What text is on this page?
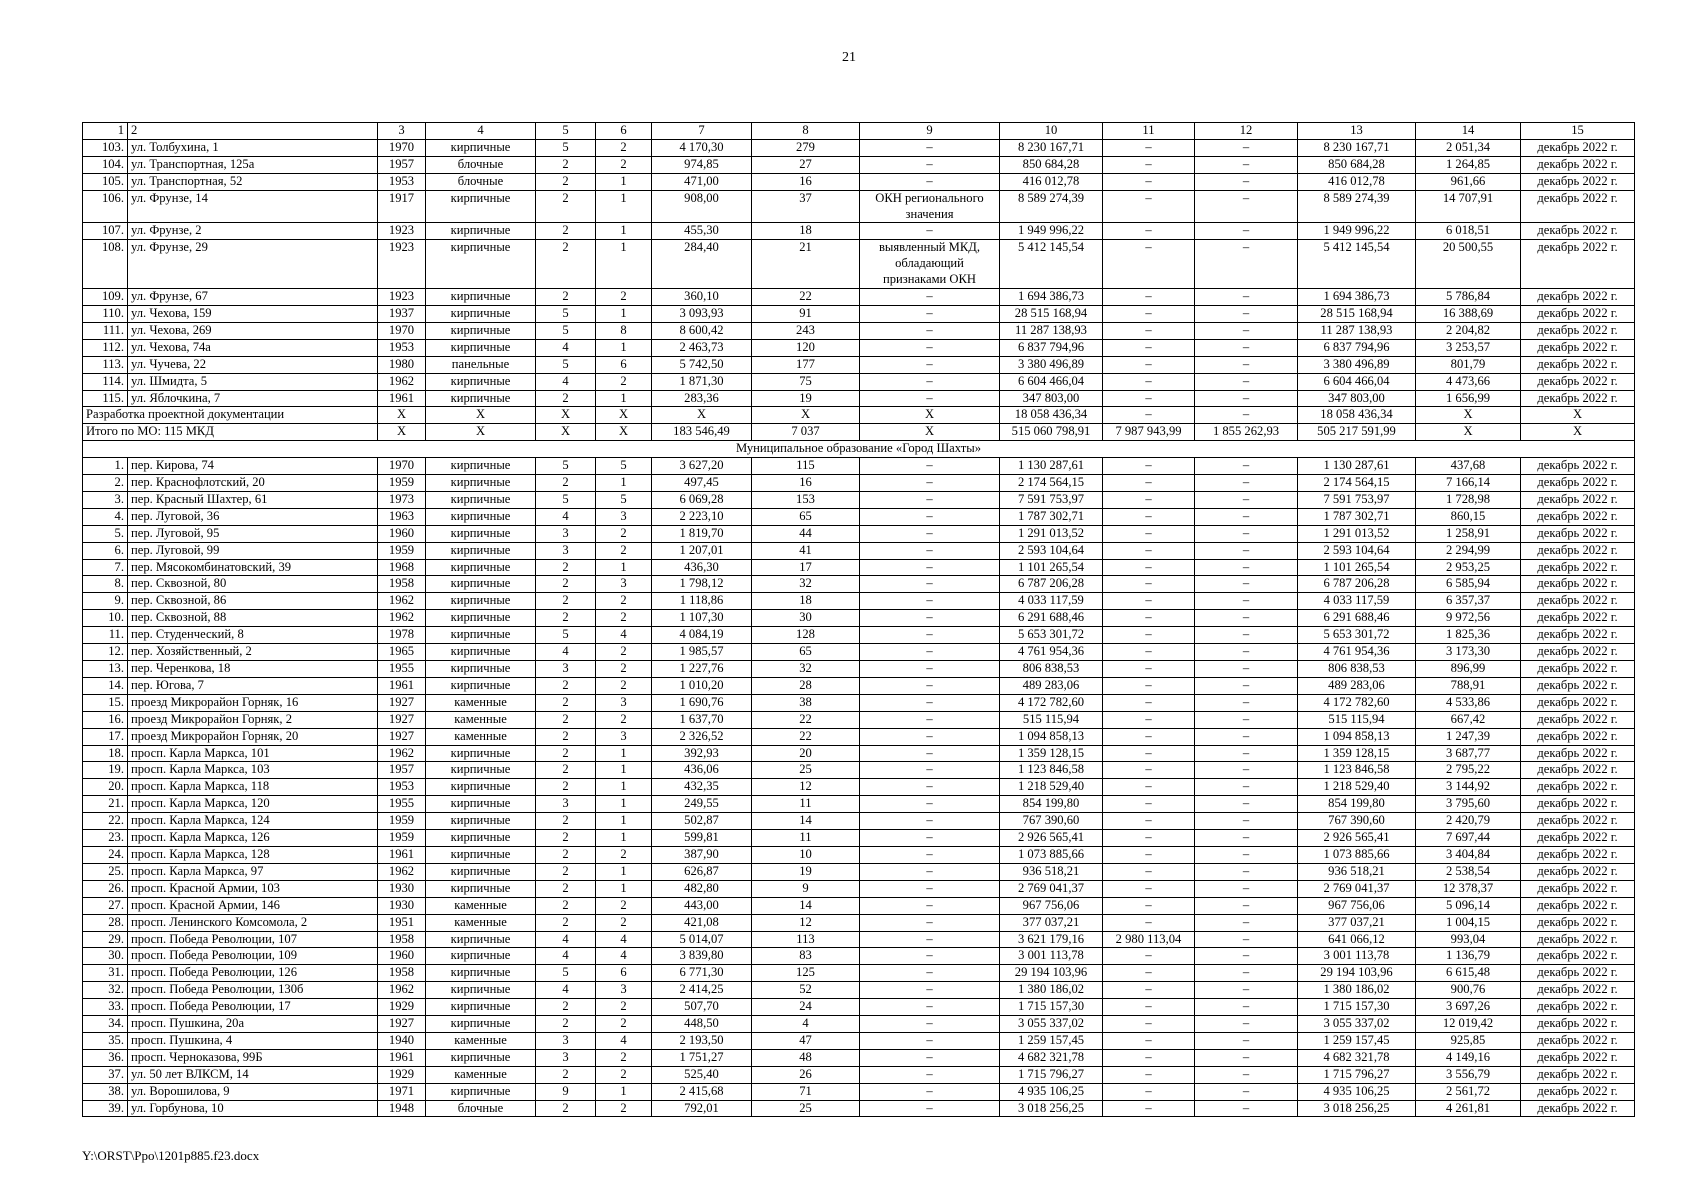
21
1	2	3	4	5	6	7	8	9	10	11	12	13	14	15
103.	ул. Толбухина, 1	1970	кирпичные	5	2	4 170,30	279	–	8 230 167,71	–	–	8 230 167,71	2 051,34	декабрь 2022 г.
104.	ул. Транспортная, 125а	1957	блочные	2	2	974,85	27	–	850 684,28	–	–	850 684,28	1 264,85	декабрь 2022 г.
105.	ул. Транспортная, 52	1953	блочные	2	1	471,00	16	–	416 012,78	–	–	416 012,78	961,66	декабрь 2022 г.
106.	ул. Фрунзе, 14	1917	кирпичные	2	1	908,00	37	ОКН регионального значения	8 589 274,39	–	–	8 589 274,39	14 707,91	декабрь 2022 г.
107.	ул. Фрунзе, 2	1923	кирпичные	2	1	455,30	18	–	1 949 996,22	–	–	1 949 996,22	6 018,51	декабрь 2022 г.
108.	ул. Фрунзе, 29	1923	кирпичные	2	1	284,40	21	выявленный МКД, обладающий признаками ОКН	5 412 145,54	–	–	5 412 145,54	20 500,55	декабрь 2022 г.
109.	ул. Фрунзе, 67	1923	кирпичные	2	2	360,10	22	–	1 694 386,73	–	–	1 694 386,73	5 786,84	декабрь 2022 г.
110.	ул. Чехова, 159	1937	кирпичные	5	1	3 093,93	91	–	28 515 168,94	–	–	28 515 168,94	16 388,69	декабрь 2022 г.
111.	ул. Чехова, 269	1970	кирпичные	5	8	8 600,42	243	–	11 287 138,93	–	–	11 287 138,93	2 204,82	декабрь 2022 г.
112.	ул. Чехова, 74а	1953	кирпичные	4	1	2 463,73	120	–	6 837 794,96	–	–	6 837 794,96	3 253,57	декабрь 2022 г.
113.	ул. Чучева, 22	1980	панельные	5	6	5 742,50	177	–	3 380 496,89	–	–	3 380 496,89	801,79	декабрь 2022 г.
114.	ул. Шмидта, 5	1962	кирпичные	4	2	1 871,30	75	–	6 604 466,04	–	–	6 604 466,04	4 473,66	декабрь 2022 г.
115.	ул. Яблочкина, 7	1961	кирпичные	2	1	283,36	19	–	347 803,00	–	–	347 803,00	1 656,99	декабрь 2022 г.
Разработка проектной документации		X	X	X	X	X	X	X	18 058 436,34	–	–	18 058 436,34	X	X
Итого по МО: 115 МКД		X	X	X	X	183 546,49	7 037	X	515 060 798,91	7 987 943,99	1 855 262,93	505 217 591,99	X	X
Муниципальное образование «Город Шахты»														
1.	пер. Кирова, 74	1970	кирпичные	5	5	3 627,20	115	–	1 130 287,61	–	–	1 130 287,61	437,68	декабрь 2022 г.
2.	пер. Краснофлотский, 20	1959	кирпичные	2	1	497,45	16	–	2 174 564,15	–	–	2 174 564,15	7 166,14	декабрь 2022 г.
3.	пер. Красный Шахтер, 61	1973	кирпичные	5	5	6 069,28	153	–	7 591 753,97	–	–	7 591 753,97	1 728,98	декабрь 2022 г.
4.	пер. Луговой, 36	1963	кирпичные	4	3	2 223,10	65	–	1 787 302,71	–	–	1 787 302,71	860,15	декабрь 2022 г.
5.	пер. Луговой, 95	1960	кирпичные	3	2	1 819,70	44	–	1 291 013,52	–	–	1 291 013,52	1 258,91	декабрь 2022 г.
6.	пер. Луговой, 99	1959	кирпичные	3	2	1 207,01	41	–	2 593 104,64	–	–	2 593 104,64	2 294,99	декабрь 2022 г.
7.	пер. Мясокомбинатовский, 39	1968	кирпичные	2	1	436,30	17	–	1 101 265,54	–	–	1 101 265,54	2 953,25	декабрь 2022 г.
8.	пер. Сквозной, 80	1958	кирпичные	2	3	1 798,12	32	–	6 787 206,28	–	–	6 787 206,28	6 585,94	декабрь 2022 г.
9.	пер. Сквозной, 86	1962	кирпичные	2	2	1 118,86	18	–	4 033 117,59	–	–	4 033 117,59	6 357,37	декабрь 2022 г.
10.	пер. Сквозной, 88	1962	кирпичные	2	2	1 107,30	30	–	6 291 688,46	–	–	6 291 688,46	9 972,56	декабрь 2022 г.
11.	пер. Студенческий, 8	1978	кирпичные	5	4	4 084,19	128	–	5 653 301,72	–	–	5 653 301,72	1 825,36	декабрь 2022 г.
12.	пер. Хозяйственный, 2	1965	кирпичные	4	2	1 985,57	65	–	4 761 954,36	–	–	4 761 954,36	3 173,30	декабрь 2022 г.
13.	пер. Черенкова, 18	1955	кирпичные	3	2	1 227,76	32	–	806 838,53	–	–	806 838,53	896,99	декабрь 2022 г.
14.	пер. Югова, 7	1961	кирпичные	2	2	1 010,20	28	–	489 283,06	–	–	489 283,06	788,91	декабрь 2022 г.
15.	проезд Микрорайон Горняк, 16	1927	каменные	2	3	1 690,76	38	–	4 172 782,60	–	–	4 172 782,60	4 533,86	декабрь 2022 г.
16.	проезд Микрорайон Горняк, 2	1927	каменные	2	2	1 637,70	22	–	515 115,94	–	–	515 115,94	667,42	декабрь 2022 г.
17.	проезд Микрорайон Горняк, 20	1927	каменные	2	3	2 326,52	22	–	1 094 858,13	–	–	1 094 858,13	1 247,39	декабрь 2022 г.
18.	просп. Карла Маркса, 101	1962	кирпичные	2	1	392,93	20	–	1 359 128,15	–	–	1 359 128,15	3 687,77	декабрь 2022 г.
19.	просп. Карла Маркса, 103	1957	кирпичные	2	1	436,06	25	–	1 123 846,58	–	–	1 123 846,58	2 795,22	декабрь 2022 г.
20.	просп. Карла Маркса, 118	1953	кирпичные	2	1	432,35	12	–	1 218 529,40	–	–	1 218 529,40	3 144,92	декабрь 2022 г.
21.	просп. Карла Маркса, 120	1955	кирпичные	3	1	249,55	11	–	854 199,80	–	–	854 199,80	3 795,60	декабрь 2022 г.
22.	просп. Карла Маркса, 124	1959	кирпичные	2	1	502,87	14	–	767 390,60	–	–	767 390,60	2 420,79	декабрь 2022 г.
23.	просп. Карла Маркса, 126	1959	кирпичные	2	1	599,81	11	–	2 926 565,41	–	–	2 926 565,41	7 697,44	декабрь 2022 г.
24.	просп. Карла Маркса, 128	1961	кирпичные	2	2	387,90	10	–	1 073 885,66	–	–	1 073 885,66	3 404,84	декабрь 2022 г.
25.	просп. Карла Маркса, 97	1962	кирпичные	2	1	626,87	19	–	936 518,21	–	–	936 518,21	2 538,54	декабрь 2022 г.
26.	просп. Красной Армии, 103	1930	кирпичные	2	1	482,80	9	–	2 769 041,37	–	–	2 769 041,37	12 378,37	декабрь 2022 г.
27.	просп. Красной Армии, 146	1930	каменные	2	2	443,00	14	–	967 756,06	–	–	967 756,06	5 096,14	декабрь 2022 г.
28.	просп. Ленинского Комсомола, 2	1951	каменные	2	2	421,08	12	–	377 037,21	–	–	377 037,21	1 004,15	декабрь 2022 г.
29.	просп. Победа Революции, 107	1958	кирпичные	4	4	5 014,07	113	–	3 621 179,16	2 980 113,04	–	641 066,12	993,04	декабрь 2022 г.
30.	просп. Победа Революции, 109	1960	кирпичные	4	4	3 839,80	83	–	3 001 113,78	–	–	3 001 113,78	1 136,79	декабрь 2022 г.
31.	просп. Победа Революции, 126	1958	кирпичные	5	6	6 771,30	125	–	29 194 103,96	–	–	29 194 103,96	6 615,48	декабрь 2022 г.
32.	просп. Победа Революции, 130б	1962	кирпичные	4	3	2 414,25	52	–	1 380 186,02	–	–	1 380 186,02	900,76	декабрь 2022 г.
33.	просп. Победа Революции, 17	1929	кирпичные	2	2	507,70	24	–	1 715 157,30	–	–	1 715 157,30	3 697,26	декабрь 2022 г.
34.	просп. Пушкина, 20а	1927	кирпичные	2	2	448,50	4	–	3 055 337,02	–	–	3 055 337,02	12 019,42	декабрь 2022 г.
35.	просп. Пушкина, 4	1940	каменные	3	4	2 193,50	47	–	1 259 157,45	–	–	1 259 157,45	925,85	декабрь 2022 г.
36.	просп. Черноказова, 99Б	1961	кирпичные	3	2	1 751,27	48	–	4 682 321,78	–	–	4 682 321,78	4 149,16	декабрь 2022 г.
37.	ул. 50 лет ВЛКСМ, 14	1929	каменные	2	2	525,40	26	–	1 715 796,27	–	–	1 715 796,27	3 556,79	декабрь 2022 г.
38.	ул. Ворошилова, 9	1971	кирпичные	9	1	2 415,68	71	–	4 935 106,25	–	–	4 935 106,25	2 561,72	декабрь 2022 г.
39.	ул. Горбунова, 10	1948	блочные	2	2	792,01	25	–	3 018 256,25	–	–	3 018 256,25	4 261,81	декабрь 2022 г.
Y:\ORST\Ppo\1201p885.f23.docx
